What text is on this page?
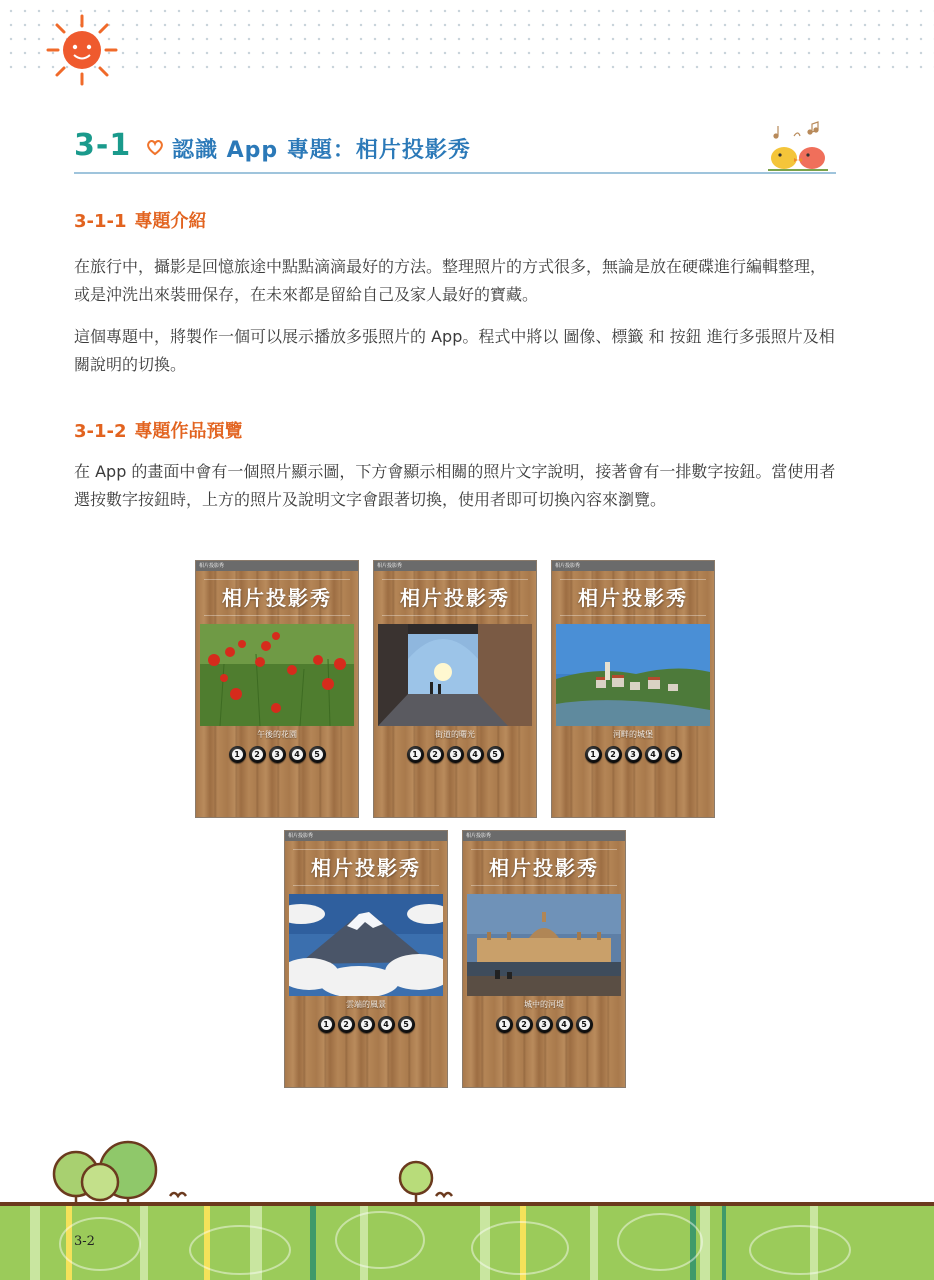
3-1 認識 App 專題：相片投影秀
3-1-1 專題介紹

在旅行中，攝影是回憶旅途中點點滴滴最好的方法。整理照片的方式很多，無論是放在硬碟進行編輯整理，或是沖洗出來裝冊保存，在未來都是留給自己及家人最好的寶藏。

這個專題中，將製作一個可以展示播放多張照片的 App。程式中將以 圖像、標籤 和 按鈕 進行多張照片及相關說明的切換。

3-1-2 專題作品預覽

在 App 的畫面中會有一個照片顯示圖，下方會顯示相關的照片文字說明，接著會有一排數字按鈕。當使用者選按數字按鈕時，上方的照片及說明文字會跟著切換，使用者即可切換內容來瀏覽。

相片投影秀
相片投影秀
午後的花園
1	2	3	4	5
相片投影秀
相片投影秀
街道的曙光
1	2	3	4	5
相片投影秀
相片投影秀
河畔的城堡
1	2	3	4	5
相片投影秀
相片投影秀
雲端的風景
1	2	3	4	5
相片投影秀
相片投影秀
城中的河堤
1	2	3	4	5
3-2
